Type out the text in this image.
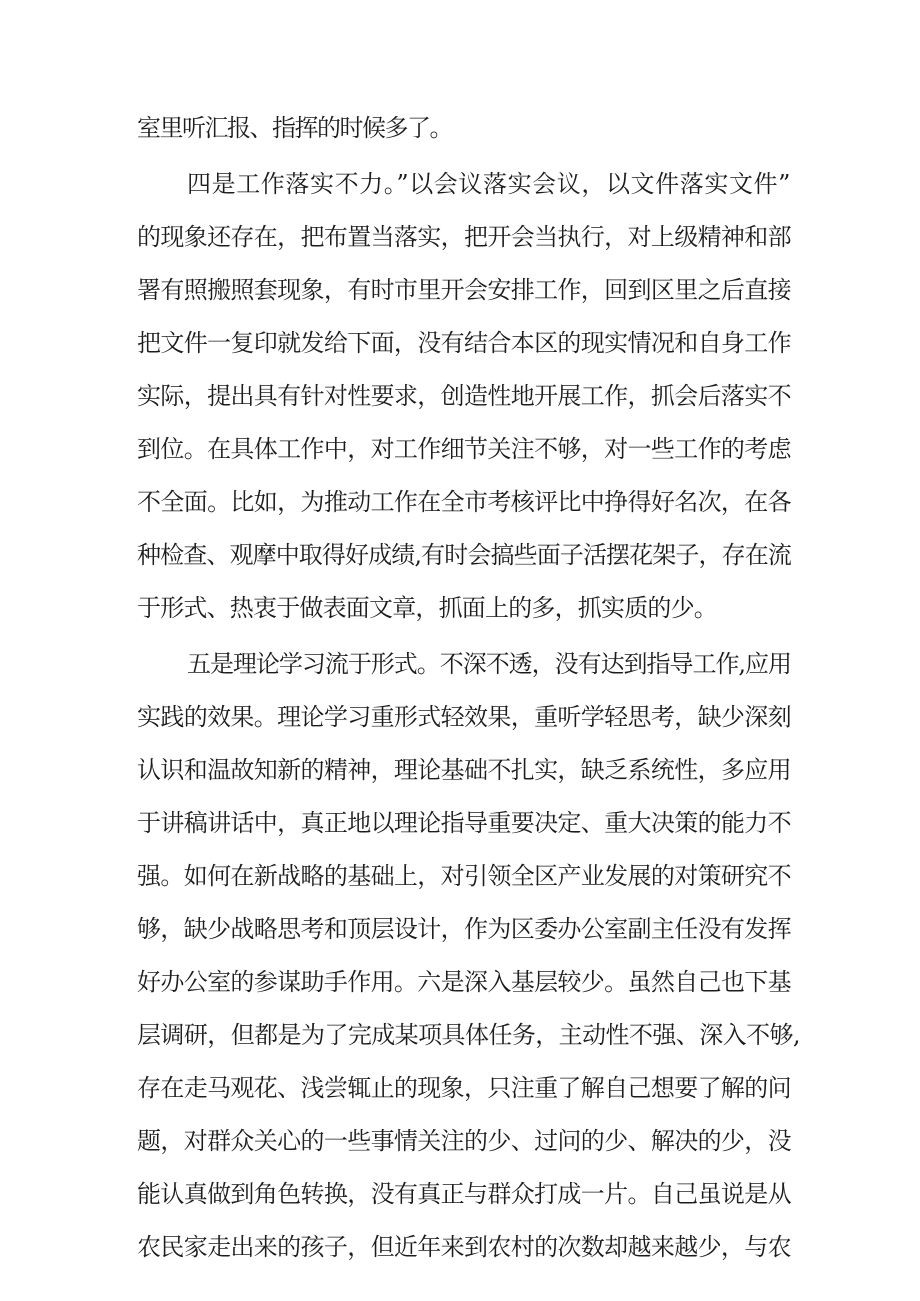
室里听汇报、指挥的时候多了。

四是工作落实不力。”以会议落实会议，以文件落实文件”

的现象还存在，把布置当落实，把开会当执行，对上级精神和部

署有照搬照套现象，有时市里开会安排工作，回到区里之后直接

把文件一复印就发给下面，没有结合本区的现实情况和自身工作

实际，提出具有针对性要求，创造性地开展工作，抓会后落实不

到位。在具体工作中，对工作细节关注不够，对一些工作的考虑

不全面。比如，为推动工作在全市考核评比中挣得好名次，在各

种检查、观摩中取得好成绩,有时会搞些面子活摆花架子，存在流

于形式、热衷于做表面文章，抓面上的多，抓实质的少。

五是理论学习流于形式。不深不透，没有达到指导工作,应用

实践的效果。理论学习重形式轻效果，重听学轻思考，缺少深刻

认识和温故知新的精神，理论基础不扎实，缺乏系统性，多应用

于讲稿讲话中，真正地以理论指导重要决定、重大决策的能力不

强。如何在新战略的基础上，对引领全区产业发展的对策研究不

够，缺少战略思考和顶层设计，作为区委办公室副主任没有发挥

好办公室的参谋助手作用。六是深入基层较少。虽然自己也下基

层调研，但都是为了完成某项具体任务，主动性不强、深入不够,

存在走马观花、浅尝辄止的现象，只注重了解自己想要了解的问

题，对群众关心的一些事情关注的少、过问的少、解决的少，没

能认真做到角色转换，没有真正与群众打成一片。自己虽说是从

农民家走出来的孩子，但近年来到农村的次数却越来越少，与农
